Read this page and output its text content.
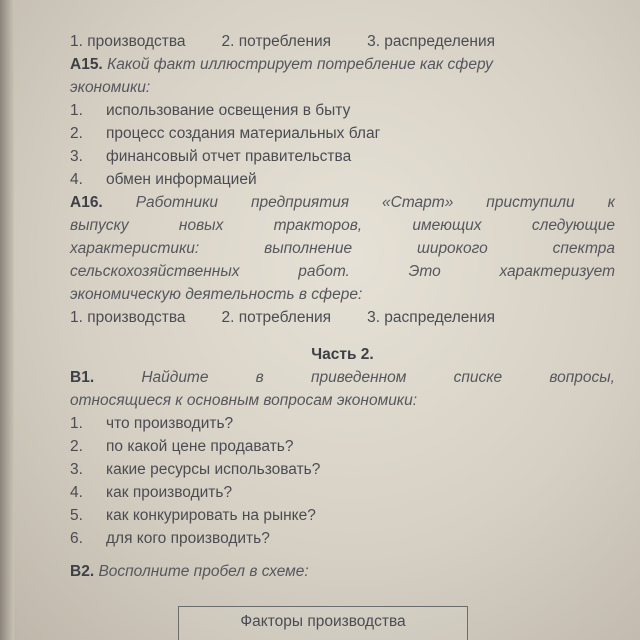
1. производства 2. потребления 3. распределения
А15. Какой факт иллюстрирует потребление как сферу
экономики:
1.	использование освещения в быту
2.	процесс создания материальных благ
3.	финансовый отчет правительства
4.	обмен информацией
А16. Работники предприятия «Старт» приступили к
выпуску	новых	тракторов,	имеющих	следующие
характеристики:	выполнение	широкого	спектра
сельскохозяйственных	работ.	Это	характеризует
экономическую деятельность в сфере:
1. производства 2. потребления 3. распределения
Часть 2.
В1.	Найдите	в	приведенном	списке	вопросы,
относящиеся к основным вопросам экономики:
1.	что производить?
2.	по какой цене продавать?
3.	какие ресурсы использовать?
4.	как производить?
5.	как конкурировать на рынке?
6.	для кого производить?
В2. Восполните пробел в схеме:
Факторы производства
